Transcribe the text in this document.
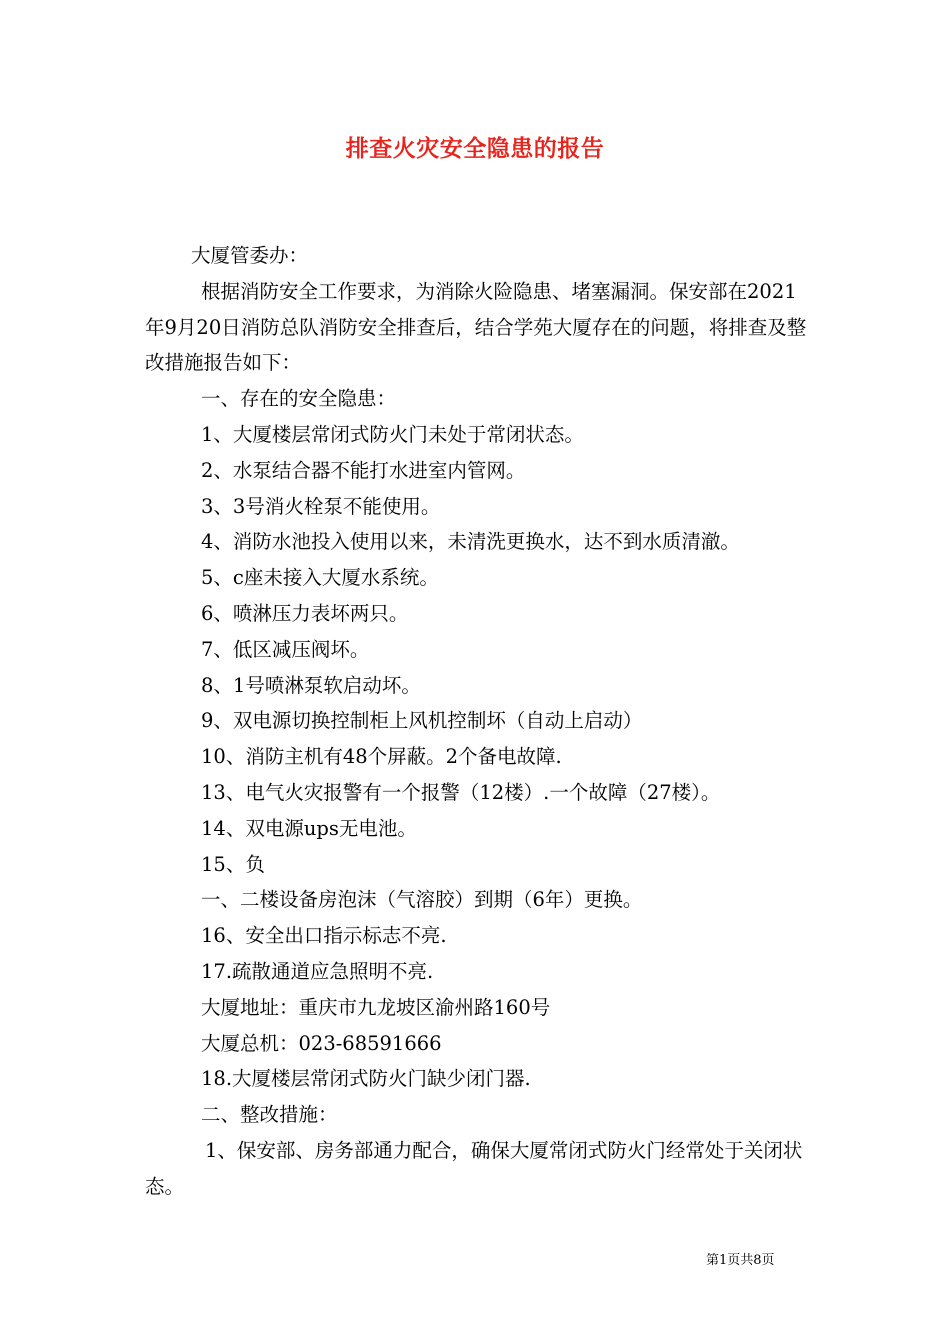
排查火灾安全隐患的报告

大厦管委办：

根据消防安全工作要求，为消除火险隐患、堵塞漏洞。保安部在2021年9月20日消防总队消防安全排查后，结合学苑大厦存在的问题，将排查及整改措施报告如下：

一、存在的安全隐患：

1、大厦楼层常闭式防火门未处于常闭状态。

2、水泵结合器不能打水进室内管网。

3、3号消火栓泵不能使用。

4、消防水池投入使用以来，未清洗更换水，达不到水质清澈。

5、c座未接入大厦水系统。

6、喷淋压力表坏两只。

7、低区减压阀坏。

8、1号喷淋泵软启动坏。

9、双电源切换控制柜上风机控制坏（自动上启动）

10、消防主机有48个屏蔽。2个备电故障.

13、电气火灾报警有一个报警（12楼）.一个故障（27楼）。

14、双电源ups无电池。

15、负

一、二楼设备房泡沫（气溶胶）到期（6年）更换。

16、安全出口指示标志不亮.

17.疏散通道应急照明不亮.

大厦地址：重庆市九龙坡区渝州路160号

大厦总机：023-68591666

18.大厦楼层常闭式防火门缺少闭门器.

二、整改措施：

1、保安部、房务部通力配合，确保大厦常闭式防火门经常处于关闭状态。

第1页共8页
